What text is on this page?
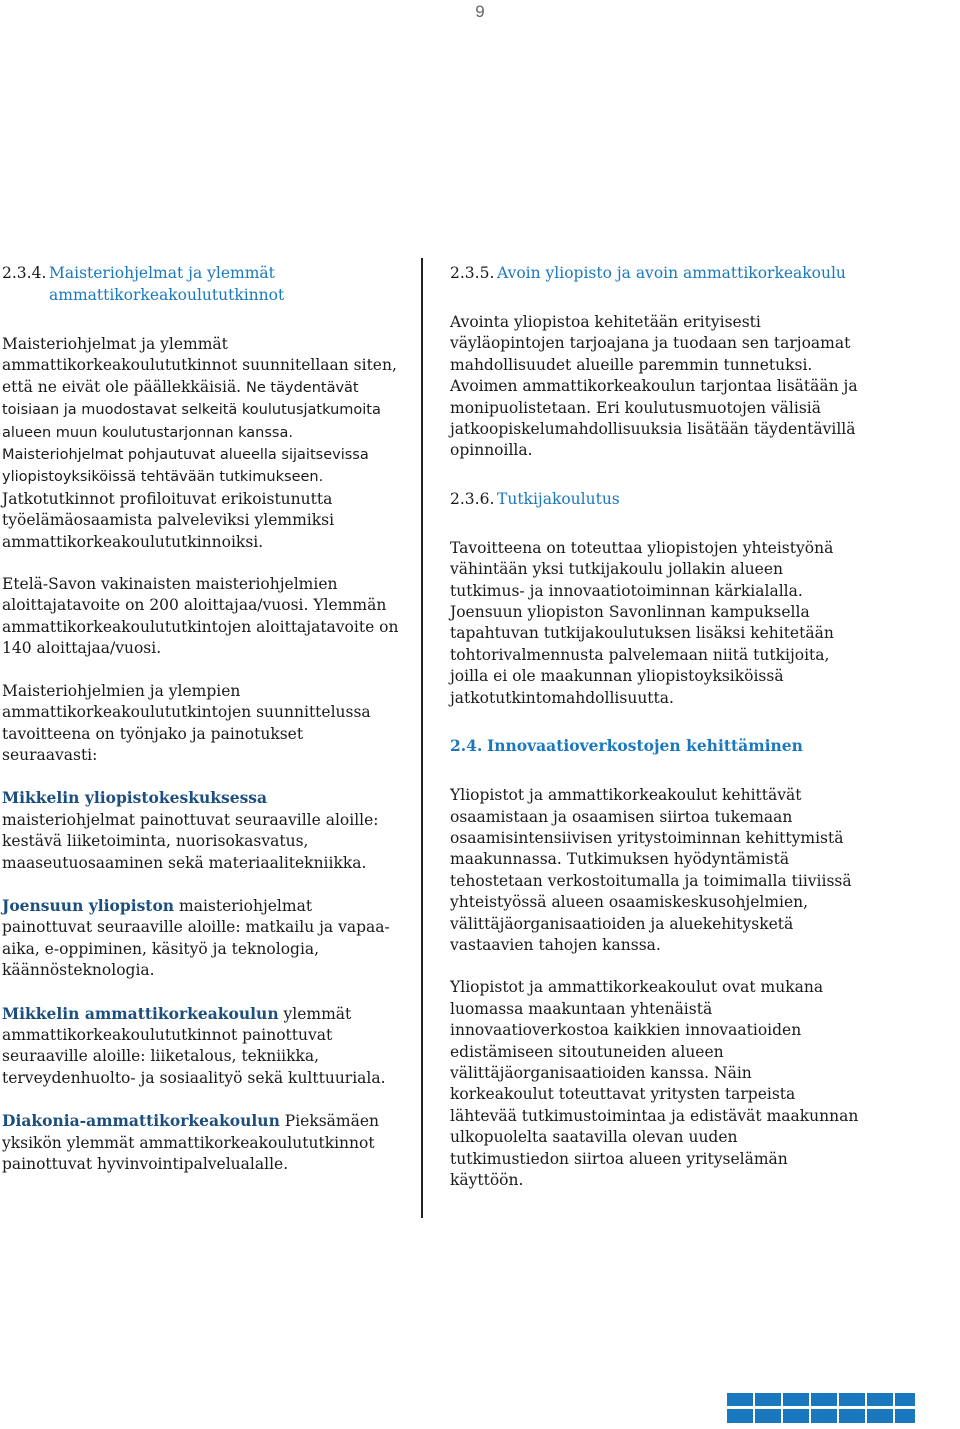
9
2.3.4. Maisteriohjelmat ja ylemmät ammattikorkeakoulututkinnot

Maisteriohjelmat ja ylemmät ammattikorkeakoulututkinnot suunnitellaan siten, että ne eivät ole päällekkäisiä. Ne täydentävät toisiaan ja muodostavat selkeitä koulutusjatkumoita alueen muun koulutustarjonnan kanssa. Maisteriohjelmat pohjautuvat alueella sijaitsevissa yliopistoyksiköissä tehtävään tutkimukseen. Jatkotutkinnot profiloituvat erikoistunutta työelämäosaamista palveleviksi ylemmiksi ammattikorkeakoulututkinnoiksi.

Etelä-Savon vakinaisten maisteriohjelmien aloittajatavoite on 200 aloittajaa/vuosi. Ylemmän ammattikorkeakoulututkintojen aloittajatavoite on 140 aloittajaa/vuosi.

Maisteriohjelmien ja ylempien ammattikorkeakoulututkintojen suunnittelussa tavoitteena on työnjako ja painotukset seuraavasti:

Mikkelin yliopistokeskuksessa maisteriohjelmat painottuvat seuraaville aloille: kestävä liiketoiminta, nuorisokasvatus, maaseutuosaaminen sekä materiaalitekniikka.

Joensuun yliopiston maisteriohjelmat painottuvat seuraaville aloille: matkailu ja vapaa-aika, e-oppiminen, käsityö ja teknologia, käännösteknologia.

Mikkelin ammattikorkeakoulun ylemmät ammattikorkeakoulututkinnot painottuvat seuraaville aloille: liiketalous, tekniikka, terveydenhuolto- ja sosiaalityö sekä kulttuuriala.

Diakonia-ammattikorkeakoulun Pieksämäen yksikön ylemmät ammattikorkeakoulututkinnot painottuvat hyvinvointipalvelualalle.

2.3.5. Avoin yliopisto ja avoin ammattikorkeakoulu

Avointa yliopistoa kehitetään erityisesti väyläopintojen tarjoajana ja tuodaan sen tarjoamat mahdollisuudet alueille paremmin tunnetuksi. Avoimen ammattikorkeakoulun tarjontaa lisätään ja monipuolistetaan. Eri koulutusmuotojen välisiä jatkoopiskelumahdollisuuksia lisätään täydentävillä opinnoilla.

2.3.6. Tutkijakoulutus

Tavoitteena on toteuttaa yliopistojen yhteistyönä vähintään yksi tutkijakoulu jollakin alueen tutkimus- ja innovaatiotoiminnan kärkialalla. Joensuun yliopiston Savonlinnan kampuksella tapahtuvan tutkijakoulutuksen lisäksi kehitetään tohtorivalmennusta palvelemaan niitä tutkijoita, joilla ei ole maakunnan yliopistoyksiköissä jatkotutkintomahdollisuutta.

2.4. Innovaatioverkostojen kehittäminen

Yliopistot ja ammattikorkeakoulut kehittävät osaamistaan ja osaamisen siirtoa tukemaan osaamisintensiivisen yritystoiminnan kehittymistä maakunnassa. Tutkimuksen hyödyntämistä tehostetaan verkostoitumalla ja toimimalla tiiviissä yhteistyössä alueen osaamiskeskusohjelmien, välittäjäorganisaatioiden ja aluekehitysketä vastaavien tahojen kanssa.

Yliopistot ja ammattikorkeakoulut ovat mukana luomassa maakuntaan yhtenäistä innovaatioverkostoa kaikkien innovaatioiden edistämiseen sitoutuneiden alueen välittäjäorganisaatioiden kanssa. Näin korkeakoulut toteuttavat yritysten tarpeista lähtevää tutkimustoimintaa ja edistävät maakunnan ulkopuolelta saatavilla olevan uuden tutkimustiedon siirtoa alueen yrityselämän käyttöön.
